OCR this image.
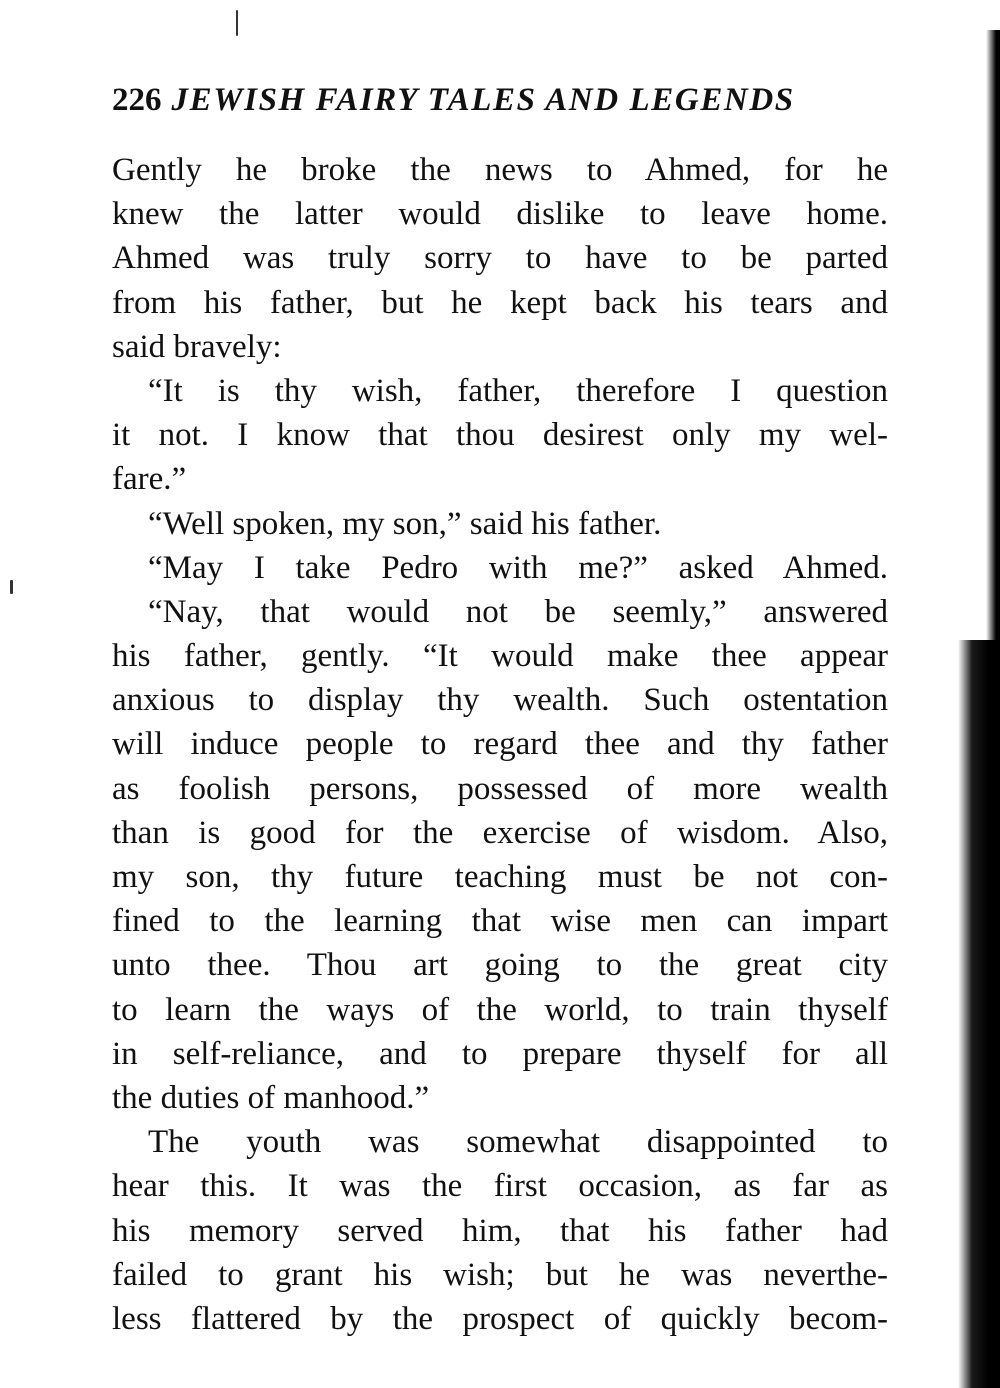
226 JEWISH FAIRY TALES AND LEGENDS
Gently he broke the news to Ahmed, for he
knew the latter would dislike to leave home.
Ahmed was truly sorry to have to be parted
from his father, but he kept back his tears and
said bravely:
“It is thy wish, father, therefore I question
it not. I know that thou desirest only my wel-
fare.”
“Well spoken, my son,” said his father.
“May I take Pedro with me?” asked Ahmed.
“Nay, that would not be seemly,” answered
his father, gently. “It would make thee appear
anxious to display thy wealth. Such ostentation
will induce people to regard thee and thy father
as foolish persons, possessed of more wealth
than is good for the exercise of wisdom. Also,
my son, thy future teaching must be not con-
fined to the learning that wise men can impart
unto thee. Thou art going to the great city
to learn the ways of the world, to train thyself
in self-reliance, and to prepare thyself for all
the duties of manhood.”
The youth was somewhat disappointed to
hear this. It was the first occasion, as far as
his memory served him, that his father had
failed to grant his wish; but he was neverthe-
less flattered by the prospect of quickly becom-
